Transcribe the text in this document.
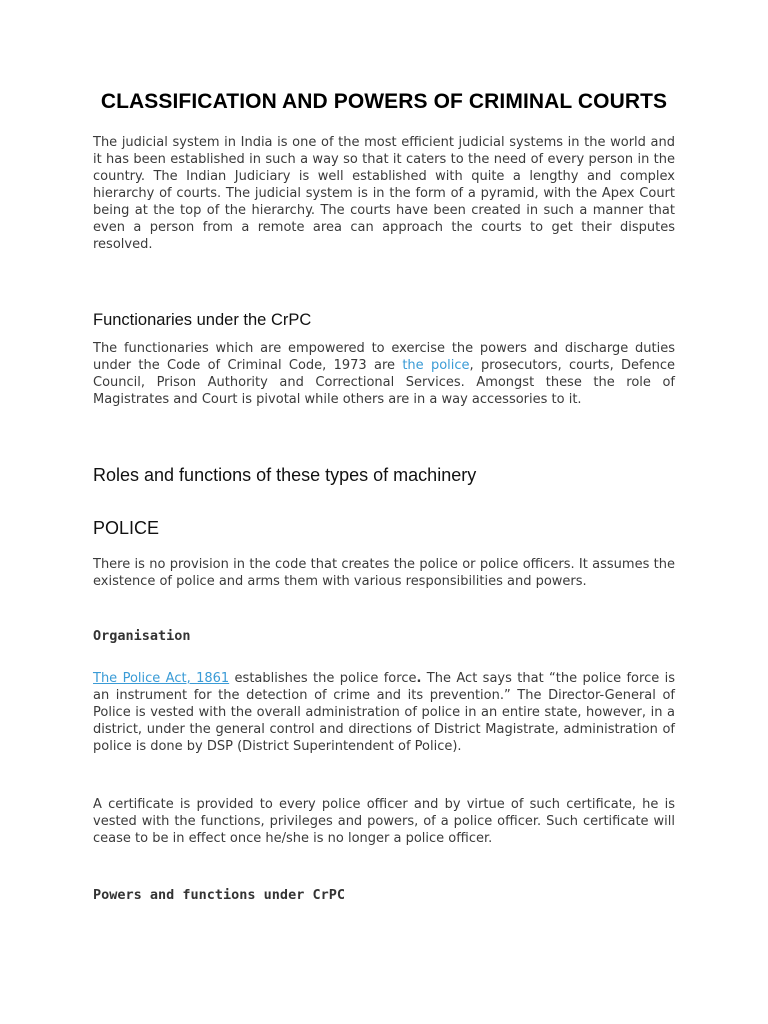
CLASSIFICATION AND POWERS OF CRIMINAL COURTS

The judicial system in India is one of the most efficient judicial systems in the world and it has been established in such a way so that it caters to the need of every person in the country. The Indian Judiciary is well established with quite a lengthy and complex hierarchy of courts. The judicial system is in the form of a pyramid, with the Apex Court being at the top of the hierarchy. The courts have been created in such a manner that even a person from a remote area can approach the courts to get their disputes resolved.

Functionaries under the CrPC

The functionaries which are empowered to exercise the powers and discharge duties under the Code of Criminal Code, 1973 are the police, prosecutors, courts, Defence Council, Prison Authority and Correctional Services. Amongst these the role of Magistrates and Court is pivotal while others are in a way accessories to it.

Roles and functions of these types of machinery
POLICE

There is no provision in the code that creates the police or police officers. It assumes the existence of police and arms them with various responsibilities and powers.

Organisation

The Police Act, 1861 establishes the police force. The Act says that “the police force is an instrument for the detection of crime and its prevention.” The Director-General of Police is vested with the overall administration of police in an entire state, however, in a district, under the general control and directions of District Magistrate, administration of police is done by DSP (District Superintendent of Police).

A certificate is provided to every police officer and by virtue of such certificate, he is vested with the functions, privileges and powers, of a police officer. Such certificate will cease to be in effect once he/she is no longer a police officer.

Powers and functions under CrPC
